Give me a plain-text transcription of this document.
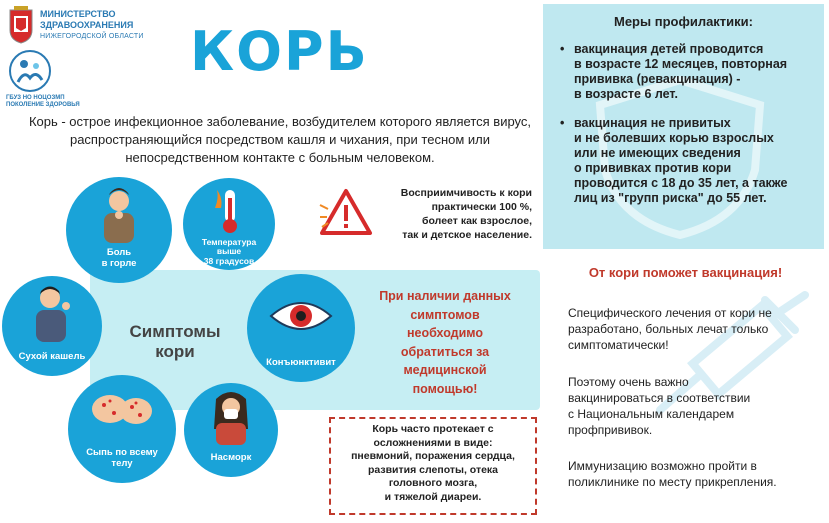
МИНИСТЕРСТВО
ЗДРАВООХРАНЕНИЯ
НИЖЕГОРОДСКОЙ ОБЛАСТИ
ГБУЗ НО НОЦОЗМП
ПОКОЛЕНИЕ ЗДОРОВЬЯ
КОРЬ
Корь - острое инфекционное заболевание, возбудителем которого является вирус, распространяющийся посредством кашля и чихания, при тесном или непосредственном контакте с больным человеком.
Меры профилактики:
• вакцинация детей проводится
в возрасте 12 месяцев, повторная
прививка (ревакцинация) -
в возрасте 6 лет.
• вакцинация не привитых
и не болевших корью взрослых
или не имеющих сведения
о прививках против кори
проводится с 18 до 35 лет, а также
лиц из "групп риска" до 55 лет.
От кори поможет вакцинация!
Специфического лечения от кори не
разработано, больных лечат только
симптоматически!
Поэтому очень важно
вакцинироваться в соответствии
с Национальным календарем
профпрививок.
Иммунизацию возможно пройти в
поликлинике по месту прикрепления.
Симптомы
кори
Боль
в горле
Температура
выше
38 градусов
Сухой кашель
Конъюнктивит
Сыпь по всему
телу
Насморк
Восприимчивость к кори
практически 100 %,
болеет как взрослое,
так и детское население.
При наличии данных
симптомов
необходимо
обратиться за
медицинской
помощью!
Корь часто протекает с
осложнениями в виде:
пневмоний, поражения сердца,
развития слепоты, отека
головного мозга,
и тяжелой диареи.
